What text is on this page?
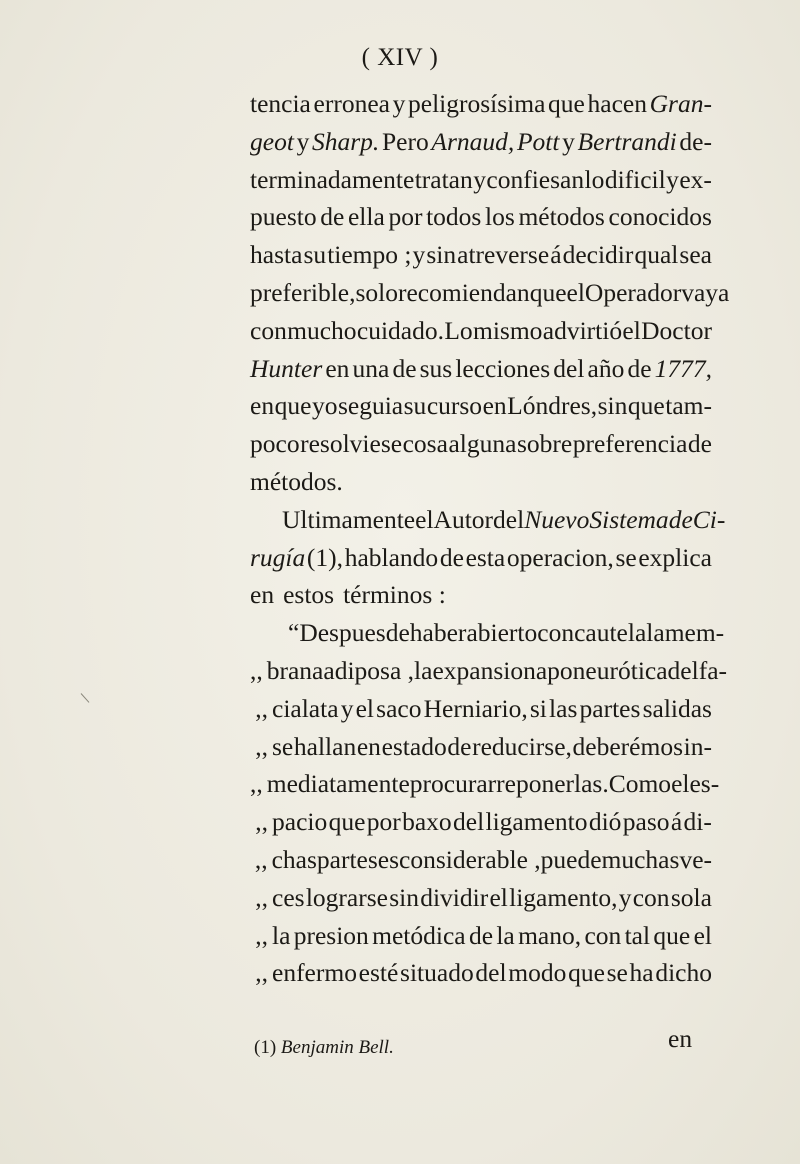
( XIV )
tencia erronea y peligrosísima que hacen Gran-
geot y Sharp. Pero Arnaud, Pott y Bertrandi de-
terminadamente tratan y confiesan lo dificil y ex-
puesto de ella por todos los métodos conocidos
hasta su tiempo ; y sin atreverse á decidir qual sea
preferible, solo recomiendan que el Operador vaya
con mucho cuidado. Lo mismo advirtió el Doctor
Hunter en una de sus lecciones del año de 1777,
en que yo seguia su curso en Lóndres, sin que tam-
poco resolviese cosa alguna sobre preferencia de
métodos.
Ultimamente el Autor del Nuevo Sistema de Ci-
rugía (1), hablando de esta operacion, se explica
en estos términos :
“Despues de haber abierto con cautela la mem-
,, brana adiposa , la expansion aponeurótica del fa-
,, cialata y el saco Herniario, si las partes salidas
,, se hallan en estado de reducirse, deberémos in-
,, mediatamente procurar reponerlas. Como el es-
,, pacio que por baxo del ligamento dió paso á di-
,, chas partes es considerable , puede muchas ve-
,, ces lograrse sin dividir el ligamento, y con sola
,, la presion metódica de la mano, con tal que el
,, enfermo esté situado del modo que se ha dicho
en
(1) Benjamin Bell.
